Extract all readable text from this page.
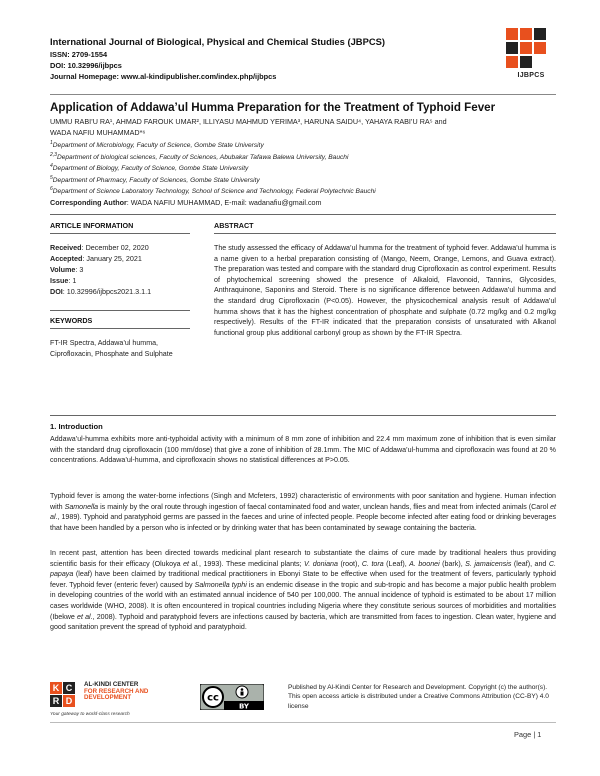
International Journal of Biological, Physical and Chemical Studies (JBPCS)
ISSN: 2709-1554
DOI: 10.32996/ijbpcs
Journal Homepage: www.al-kindipublisher.com/index.php/ijbpcs	IJBPCS
Application of Addawa’ul Humma Preparation for the Treatment of Typhoid Fever
UMMU RABI’U RA¹, AHMAD FAROUK UMAR², ILLIYASU MAHMUD YERIMA³, HARUNA SAIDU⁴, YAHAYA RABI’U RA⁵ and
WADA NAFIU MUHAMMAD*⁶
$^1$Department of Microbiology, Faculty of Science, Gombe State University
$^{2,3}$Department of biological sciences, Faculty of Sciences, Abubakar Tafawa Balewa University, Bauchi
$^4$Department of Biology, Faculty of Science, Gombe State University
$^5$Department of Pharmacy, Faculty of Sciences, Gombe State University
$^6$Department of Science Laboratory Technology, School of Science and Technology, Federal Polytechnic Bauchi
Corresponding Author: WADA NAFIU MUHAMMAD, E-mail: wadanafiu@gmail.com
ARTICLE INFORMATION	ABSTRACT
Received: December 02, 2020
Accepted: January 25, 2021
Volume: 3
Issue: 1
DOI: 10.32996/ijbpcs2021.3.1.1
KEYWORDS
FT-IR Spectra, Addawa’ul humma, Ciprofloxacin, Phosphate and Sulphate
The study assessed the efficacy of Addawa’ul humma for the treatment of typhoid fever. Addawa’ul humma is a name given to a herbal preparation consisting of (Mango, Neem, Orange, Lemons, and Guava extract). The preparation was tested and compare with the standard drug Ciprofloxacin as control experiment. Results of phytochemical screening showed the presence of Alkaloid, Flavonoid, Tannins, Glycosides, Anthraquinone, Saponins and Steroid. There is no significance difference between Addawa’ul humma and the standard drug Ciprofloxacin (P<0.05). However, the physicochemical analysis result of Addawa’ul humma shows that it has the highest concentration of phosphate and sulphate (0.72 mg/kg and 0.2 mg/kg respectively). Results of the FT-IR indicated that the preparation consists of unsaturated with Alkanol functional group plus additional carbonyl group as shown by the FT-IR Spectra.
1. Introduction
Addawa’ul-humma exhibits more anti-typhoidal activity with a minimum of 8 mm zone of inhibition and 22.4 mm maximum zone of inhibition that is even similar with the standard drug ciprofloxacin (100 mm/dose) that give a zone of inhibition of 28.1mm. The MIC of Addawa’ul-humma and ciprofloxacin was found at 20 % concentrations. Addawa’ul-humma, and ciprofloxacin shows no statistical differences at P>0.05.
Typhoid fever is among the water-borne infections (Singh and Mcfeters, 1992) characteristic of environments with poor sanitation and hygiene. Human infection with Samonella is mainly by the oral route through ingestion of faecal contaminated food and water, unclean hands, flies and meat from infected animals (Carol et al., 1989). Typhoid and paratyphoid germs are passed in the faeces and urine of infected people. People become infected after eating food or drinking beverages that have been handled by a person who is infected or by drinking water that has been contaminated by sewage containing the bacteria.
In recent past, attention has been directed towards medicinal plant research to substantiate the claims of cure made by traditional healers thus providing scientific basis for their efficacy (Olukoya et al., 1993). These medicinal plants; V. doniana (root), C. tora (Leaf), A. boonei (bark), S. jamaicensis (leaf), and C. papaya (leaf) have been claimed by traditional medical practitioners in Ebonyi State to be effective when used for the treatment of fevers, particularly typhoid fever. Typhoid fever (enteric fever) caused by Salmonella typhi is an endemic disease in the tropic and sub-tropic and has become a major public health problem in developing countries of the world with an estimated annual incidence of 540 per 100,000. The annual incidence of typhoid is estimated to be about 17 million cases worldwide (WHO, 2008). It is often encountered in tropical countries including Nigeria where they constitute serious sources of morbidities and mortalities (Ibekwe et al., 2008). Typhoid and paratyphoid fevers are infections caused by bacteria, which are transmitted from faces to ingestion. Clean water, hygiene and good sanitation prevent the spread of typhoid and paratyphoid.
K C
R D
AL-KINDI CENTER
FOR RESEARCH AND
DEVELOPMENT
Your gateway to world-class research
cc
BY
Published by Al-Kindi Center for Research and Development. Copyright (c) the author(s). This open access article is distributed under a Creative Commons Attribution (CC-BY) 4.0 license
Page | 1
